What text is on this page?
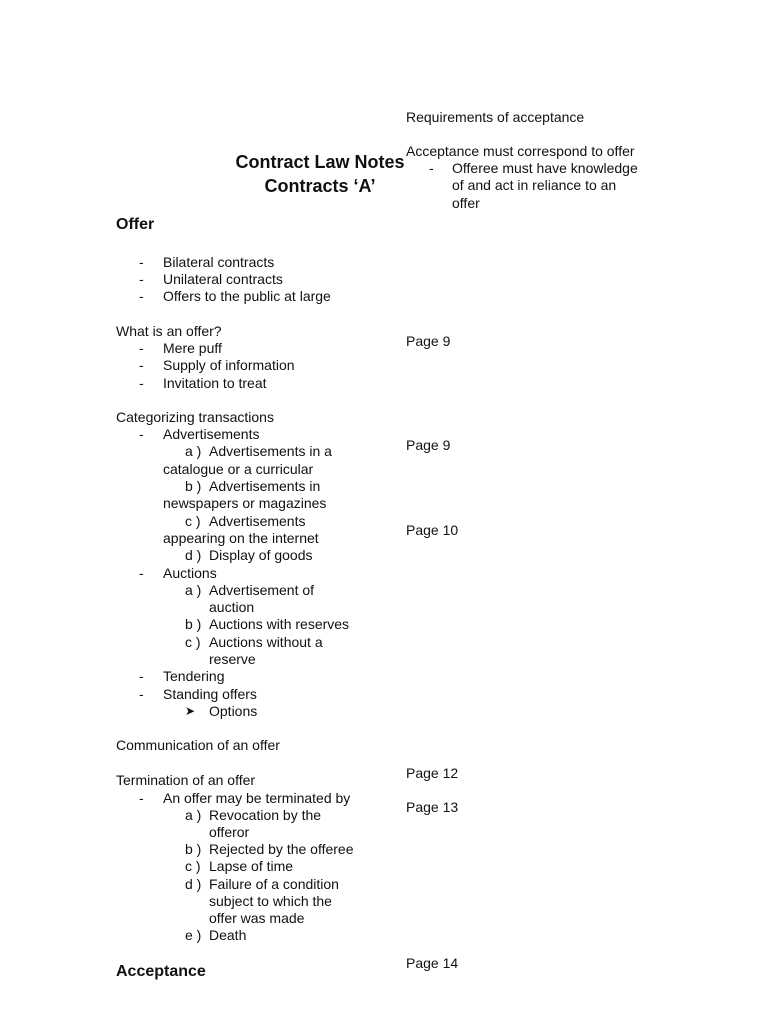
Contract Law Notes
Contracts ‘A’
Requirements of acceptance
Acceptance must correspond to offer
- Offeree must have knowledge
of and act in reliance to an
offer
Page 9
Page 9
Page 10
Page 12
Page 13
Page 14
Offer
- Bilateral contracts
- Unilateral contracts
- Offers to the public at large
What is an offer?
- Mere puff
- Supply of information
- Invitation to treat
Categorizing transactions
- Advertisements
a ) Advertisements in a
catalogue or a curricular
b ) Advertisements in
newspapers or magazines
c ) Advertisements
appearing on the internet
d ) Display of goods
- Auctions
a ) Advertisement of
auction
b ) Auctions with reserves
c ) Auctions without a
reserve
- Tendering
- Standing offers
➤ Options
Communication of an offer
Termination of an offer
- An offer may be terminated by
a ) Revocation by the
offeror
b ) Rejected by the offeree
c ) Lapse of time
d ) Failure of a condition
subject to which the
offer was made
e ) Death
Acceptance
